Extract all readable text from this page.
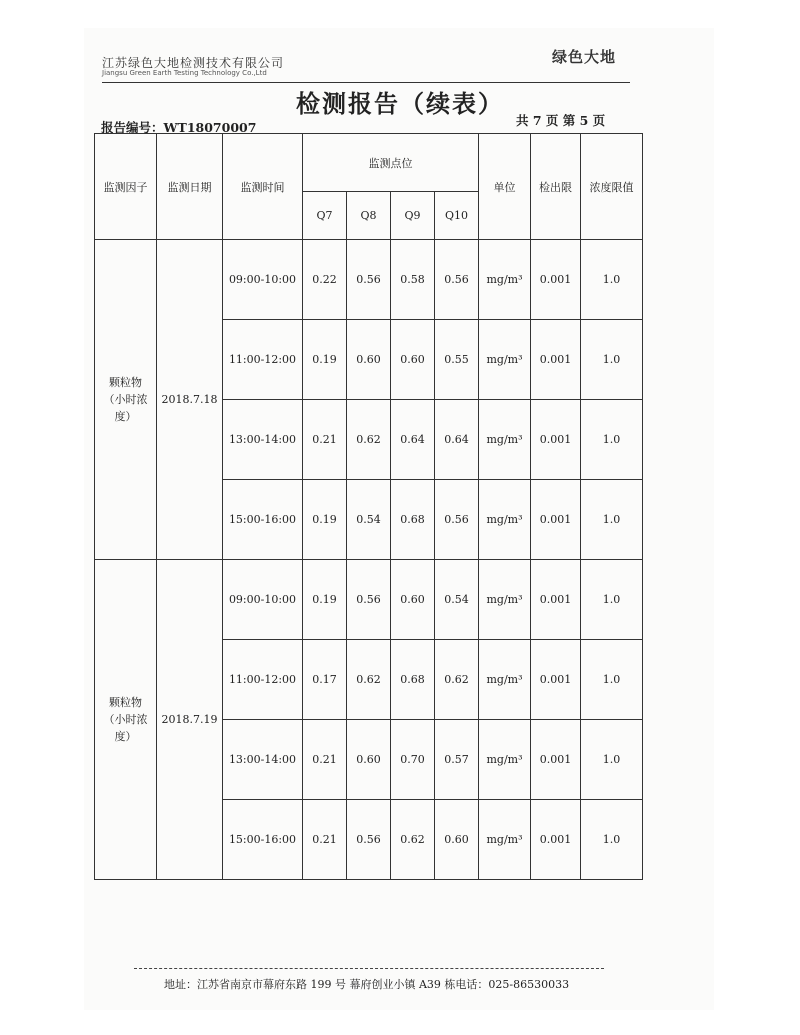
江苏绿色大地检测技术有限公司
Jiangsu Green Earth Testing Technology Co.,Ltd
绿色大地
检测报告（续表）
报告编号：WT18070007	共 7 页 第 5 页
监测因子	监测日期	监测时间	监测点位				单位	检出限	浓度限值
			Q7	Q8	Q9	Q10			

颗粒物
（小时浓
度）	2018.7.18	09:00-10:00	0.22	0.56	0.58	0.56	mg/m³	0.001	1.0
		11:00-12:00	0.19	0.60	0.60	0.55	mg/m³	0.001	1.0
		13:00-14:00	0.21	0.62	0.64	0.64	mg/m³	0.001	1.0
		15:00-16:00	0.19	0.54	0.68	0.56	mg/m³	0.001	1.0

颗粒物
（小时浓
度）	2018.7.19	09:00-10:00	0.19	0.56	0.60	0.54	mg/m³	0.001	1.0
		11:00-12:00	0.17	0.62	0.68	0.62	mg/m³	0.001	1.0
		13:00-14:00	0.21	0.60	0.70	0.57	mg/m³	0.001	1.0
		15:00-16:00	0.21	0.56	0.62	0.60	mg/m³	0.001	1.0
地址：江苏省南京市幕府东路 199 号 幕府创业小镇 A39 栋电话：025-86530033
